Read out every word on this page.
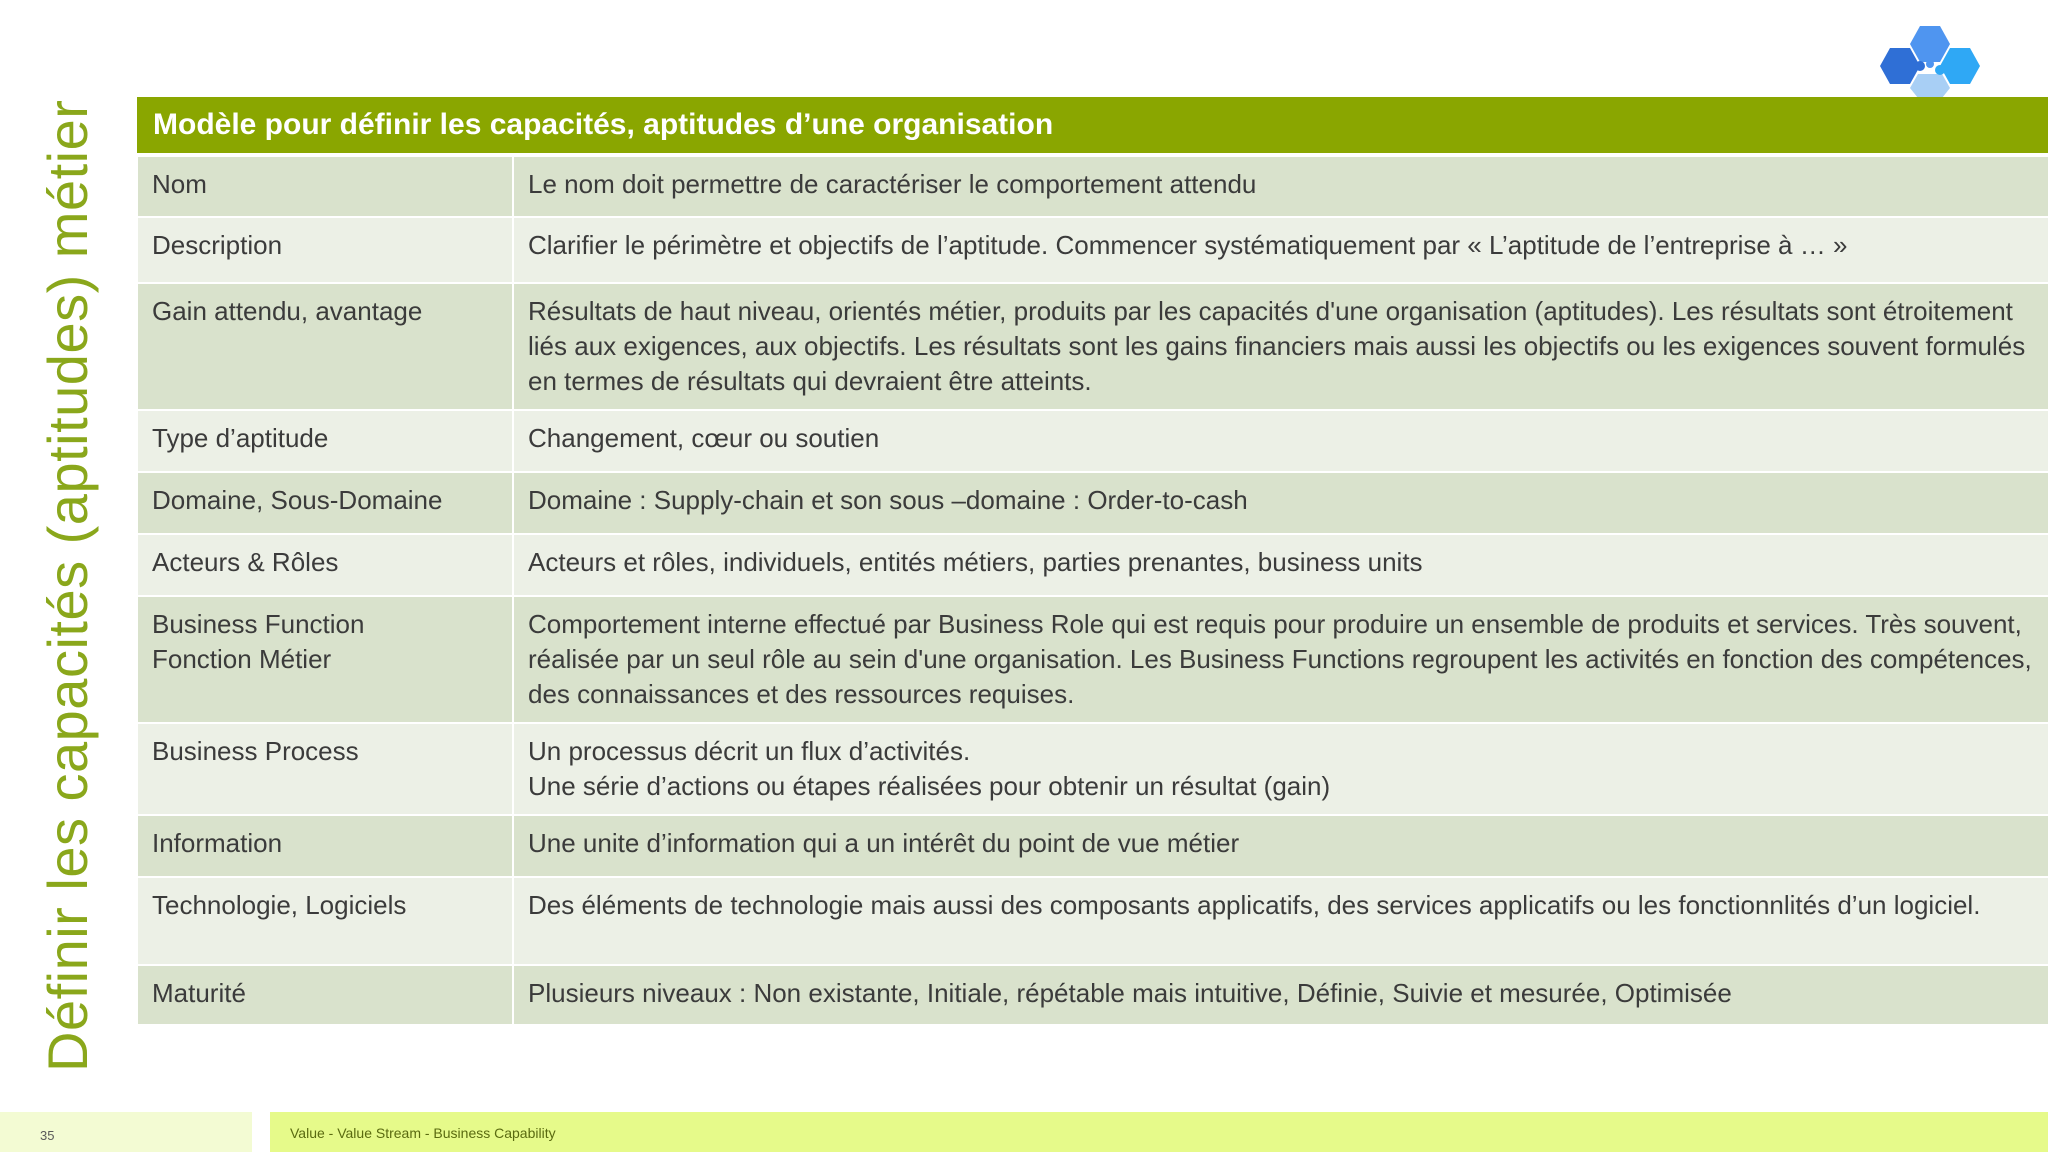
Définir les capacités (aptitudes) métier Modèle pour définir les capacités, aptitudes d’une organisation	
Nom	Le nom doit permettre de caractériser le comportement attendu
Description	Clarifier le périmètre et objectifs de l’aptitude. Commencer systématiquement par « L’aptitude de l’entreprise à … »
Gain attendu, avantage	Résultats de haut niveau, orientés métier, produits par les capacités d'une organisation (aptitudes). Les résultats sont étroitement liés aux exigences, aux objectifs. Les résultats sont les gains financiers mais aussi les objectifs ou les exigences souvent formulés en termes de résultats qui devraient être atteints.
Type d’aptitude	Changement, cœur ou soutien
Domaine, Sous-Domaine	Domaine : Supply-chain et son sous –domaine : Order-to-cash
Acteurs & Rôles	Acteurs et rôles, individuels, entités métiers, parties prenantes, business units

Business Function
Fonction Métier	Comportement interne effectué par Business Role qui est requis pour produire un ensemble de produits et services. Très souvent, réalisée par un seul rôle au sein d'une organisation. Les Business Functions regroupent les activités en fonction des compétences, des connaissances et des ressources requises.
Business Process	Un processus décrit un flux d’activités.
Une série d’actions ou étapes réalisées pour obtenir un résultat (gain)

Information	Une unite d’information qui a un intérêt du point de vue métier
Technologie, Logiciels	Des éléments de technologie mais aussi des composants applicatifs, des services applicatifs ou les fonctionnlités d’un logiciel.
Maturité	Plusieurs niveaux : Non existante, Initiale, répétable mais intuitive, Définie, Suivie et mesurée, Optimisée
35	Value - Value Stream - Business Capability
